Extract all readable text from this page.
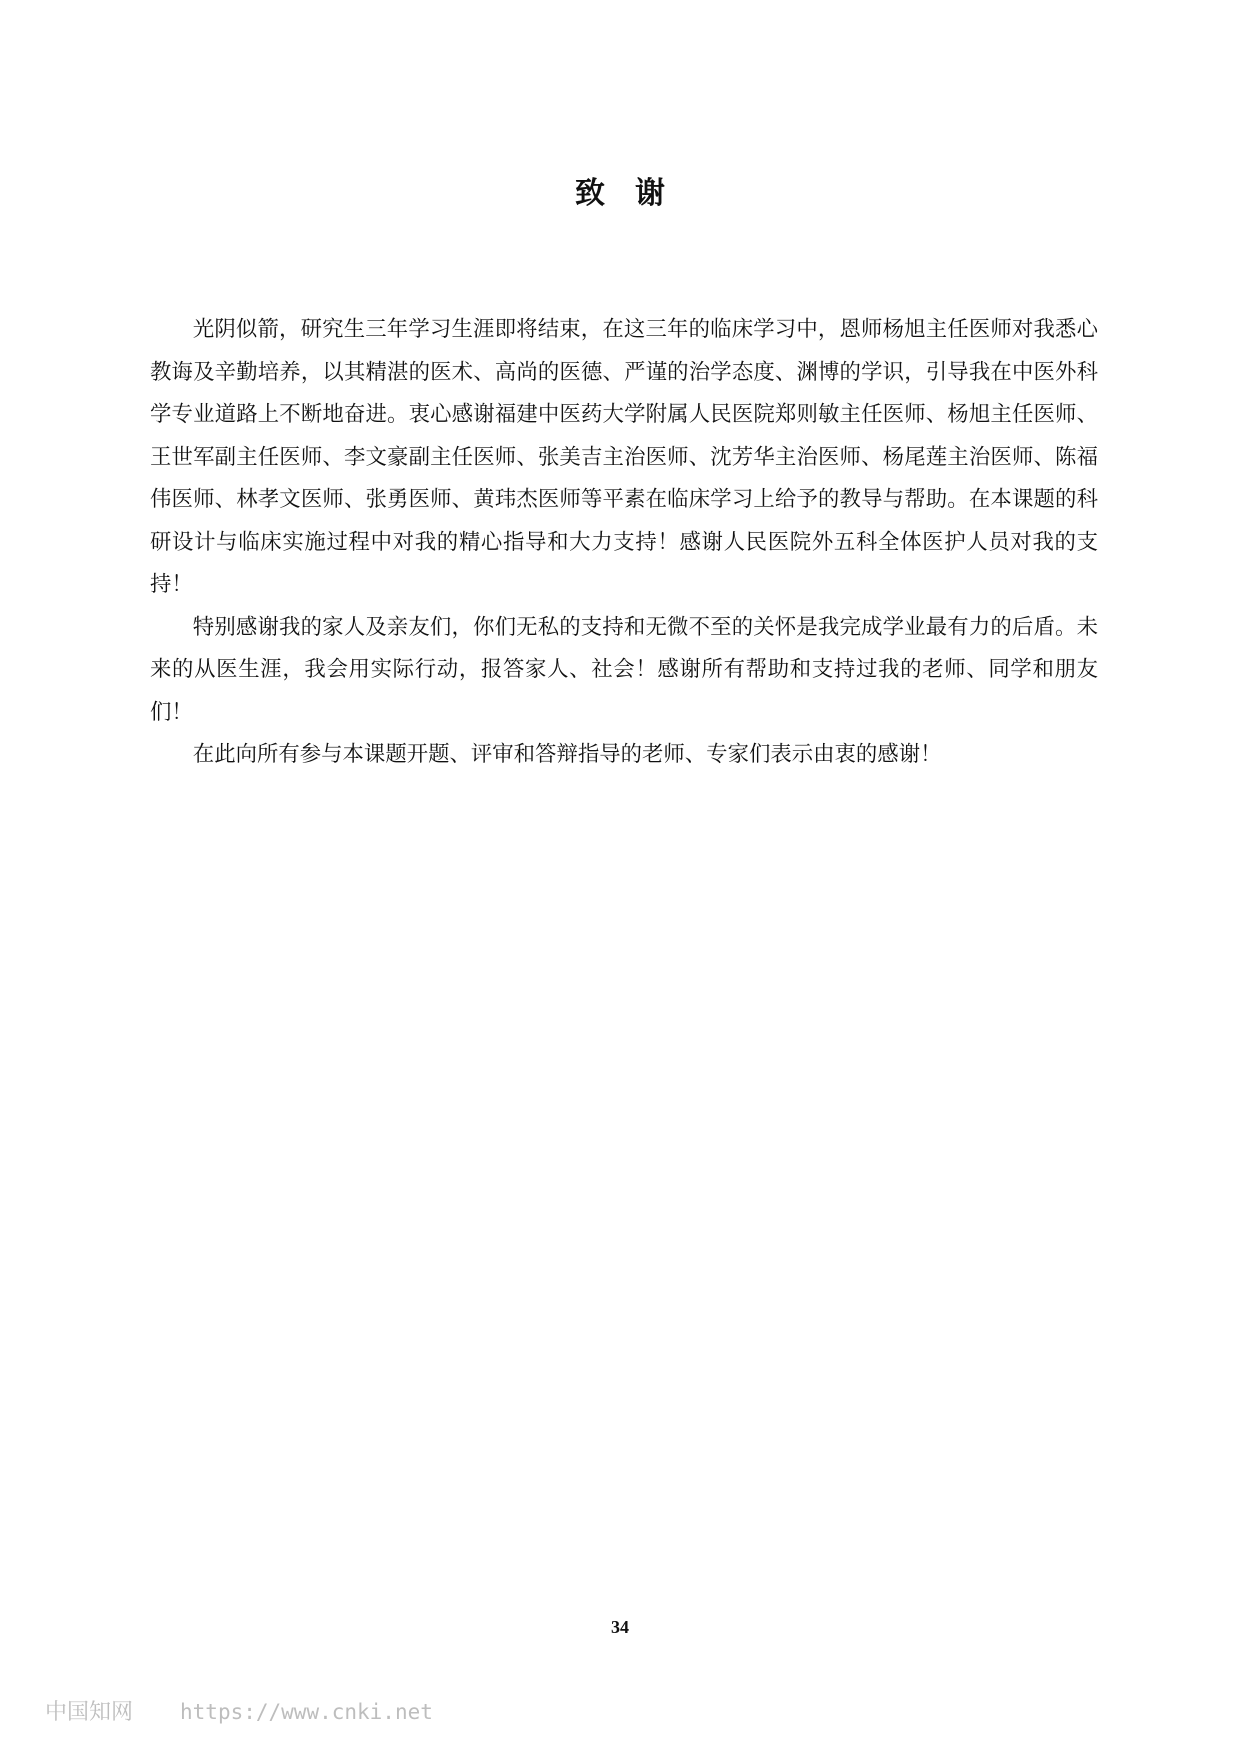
致谢

光阴似箭，研究生三年学习生涯即将结束，在这三年的临床学习中，恩师杨旭主任医师对我悉心教诲及辛勤培养，以其精湛的医术、高尚的医德、严谨的治学态度、渊博的学识，引导我在中医外科学专业道路上不断地奋进。衷心感谢福建中医药大学附属人民医院郑则敏主任医师、杨旭主任医师、王世军副主任医师、李文豪副主任医师、张美吉主治医师、沈芳华主治医师、杨尾莲主治医师、陈福伟医师、林孝文医师、张勇医师、黄玮杰医师等平素在临床学习上给予的教导与帮助。在本课题的科研设计与临床实施过程中对我的精心指导和大力支持！感谢人民医院外五科全体医护人员对我的支持！

特别感谢我的家人及亲友们，你们无私的支持和无微不至的关怀是我完成学业最有力的后盾。未来的从医生涯，我会用实际行动，报答家人、社会！感谢所有帮助和支持过我的老师、同学和朋友们！

在此向所有参与本课题开题、评审和答辩指导的老师、专家们表示由衷的感谢！

34
中国知网 https://www.cnki.net
